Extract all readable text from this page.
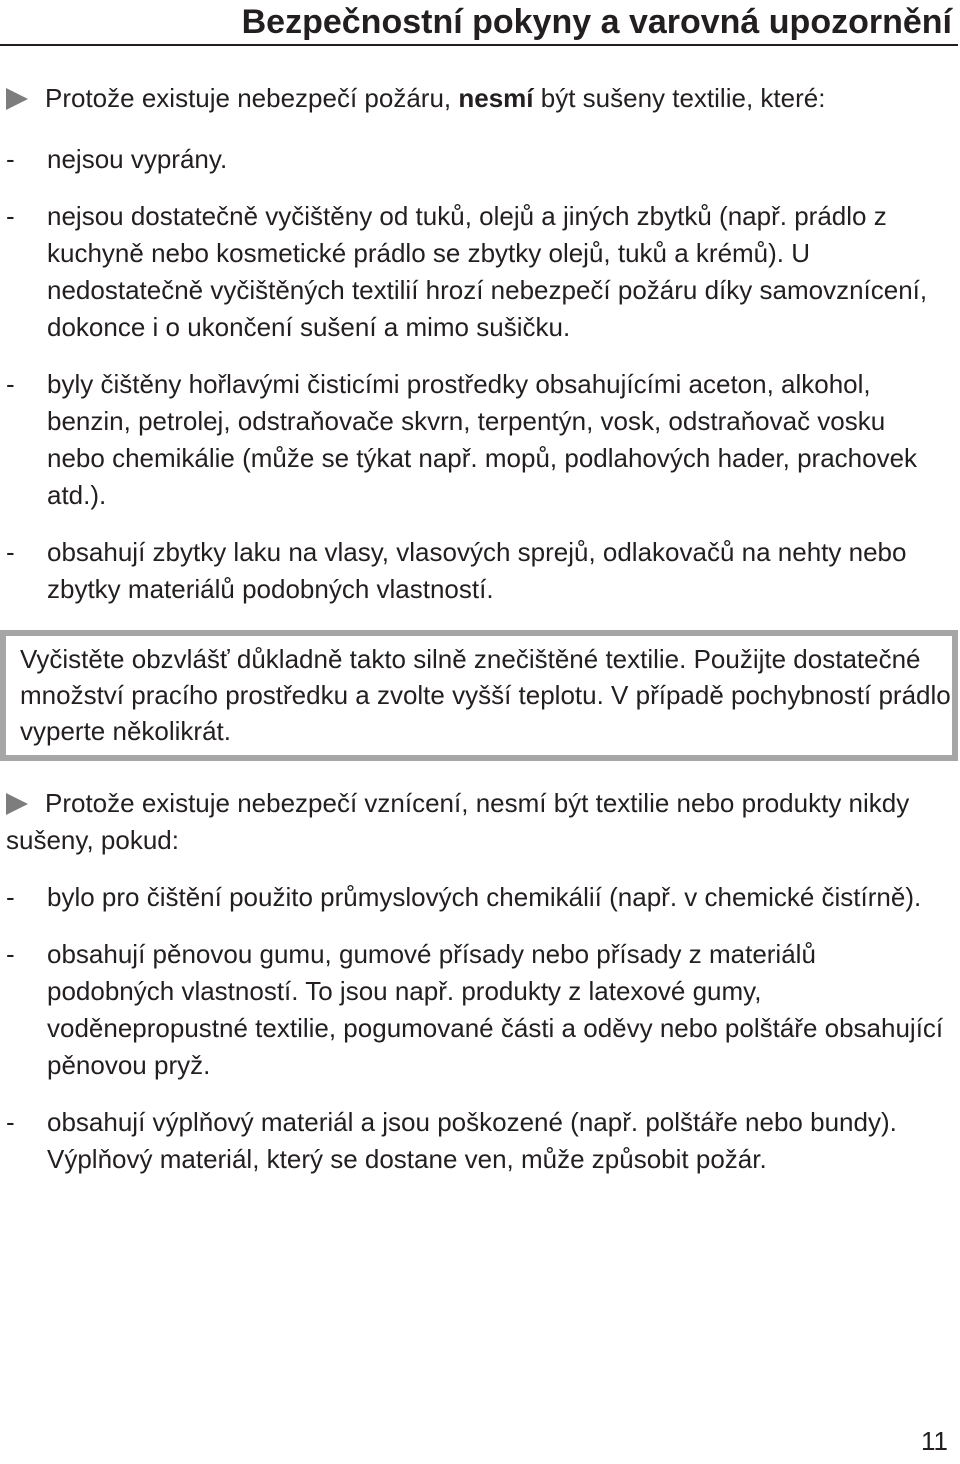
Bezpečnostní pokyny a varovná upozornění

Protože existuje nebezpečí požáru, nesmí být sušeny textilie, které:

- nejsou vyprány.
- nejsou dostatečně vyčištěny od tuků, olejů a jiných zbytků (např. prádlo z kuchyně nebo kosmetické prádlo se zbytky olejů, tuků a krémů). U nedostatečně vyčištěných textilií hrozí nebezpečí požáru díky samovznícení, dokonce i o ukončení sušení a mimo sušičku.
- byly čištěny hořlavými čisticími prostředky obsahujícími aceton, alkohol, benzin, petrolej, odstraňovače skvrn, terpentýn, vosk, odstraňovač vosku nebo chemikálie (může se týkat např. mopů, podlahových hader, prachovek atd.).
- obsahují zbytky laku na vlasy, vlasových sprejů, odlakovačů na nehty nebo zbytky materiálů podobných vlastností.
Vyčistěte obzvlášť důkladně takto silně znečištěné textilie. Použijte dostatečné množství pracího prostředku a zvolte vyšší teplotu. V případě pochybností prádlo vyperte několikrát.

Protože existuje nebezpečí vznícení, nesmí být textilie nebo produkty nikdy sušeny, pokud:

- bylo pro čištění použito průmyslových chemikálií (např. v chemické čistírně).
- obsahují pěnovou gumu, gumové přísady nebo přísady z materiálů podobných vlastností. To jsou např. produkty z latexové gumy, voděnepropustné textilie, pogumované části a oděvy nebo polštáře obsahující pěnovou pryž.
- obsahují výplňový materiál a jsou poškozené (např. polštáře nebo bundy). Výplňový materiál, který se dostane ven, může způsobit požár.
11
